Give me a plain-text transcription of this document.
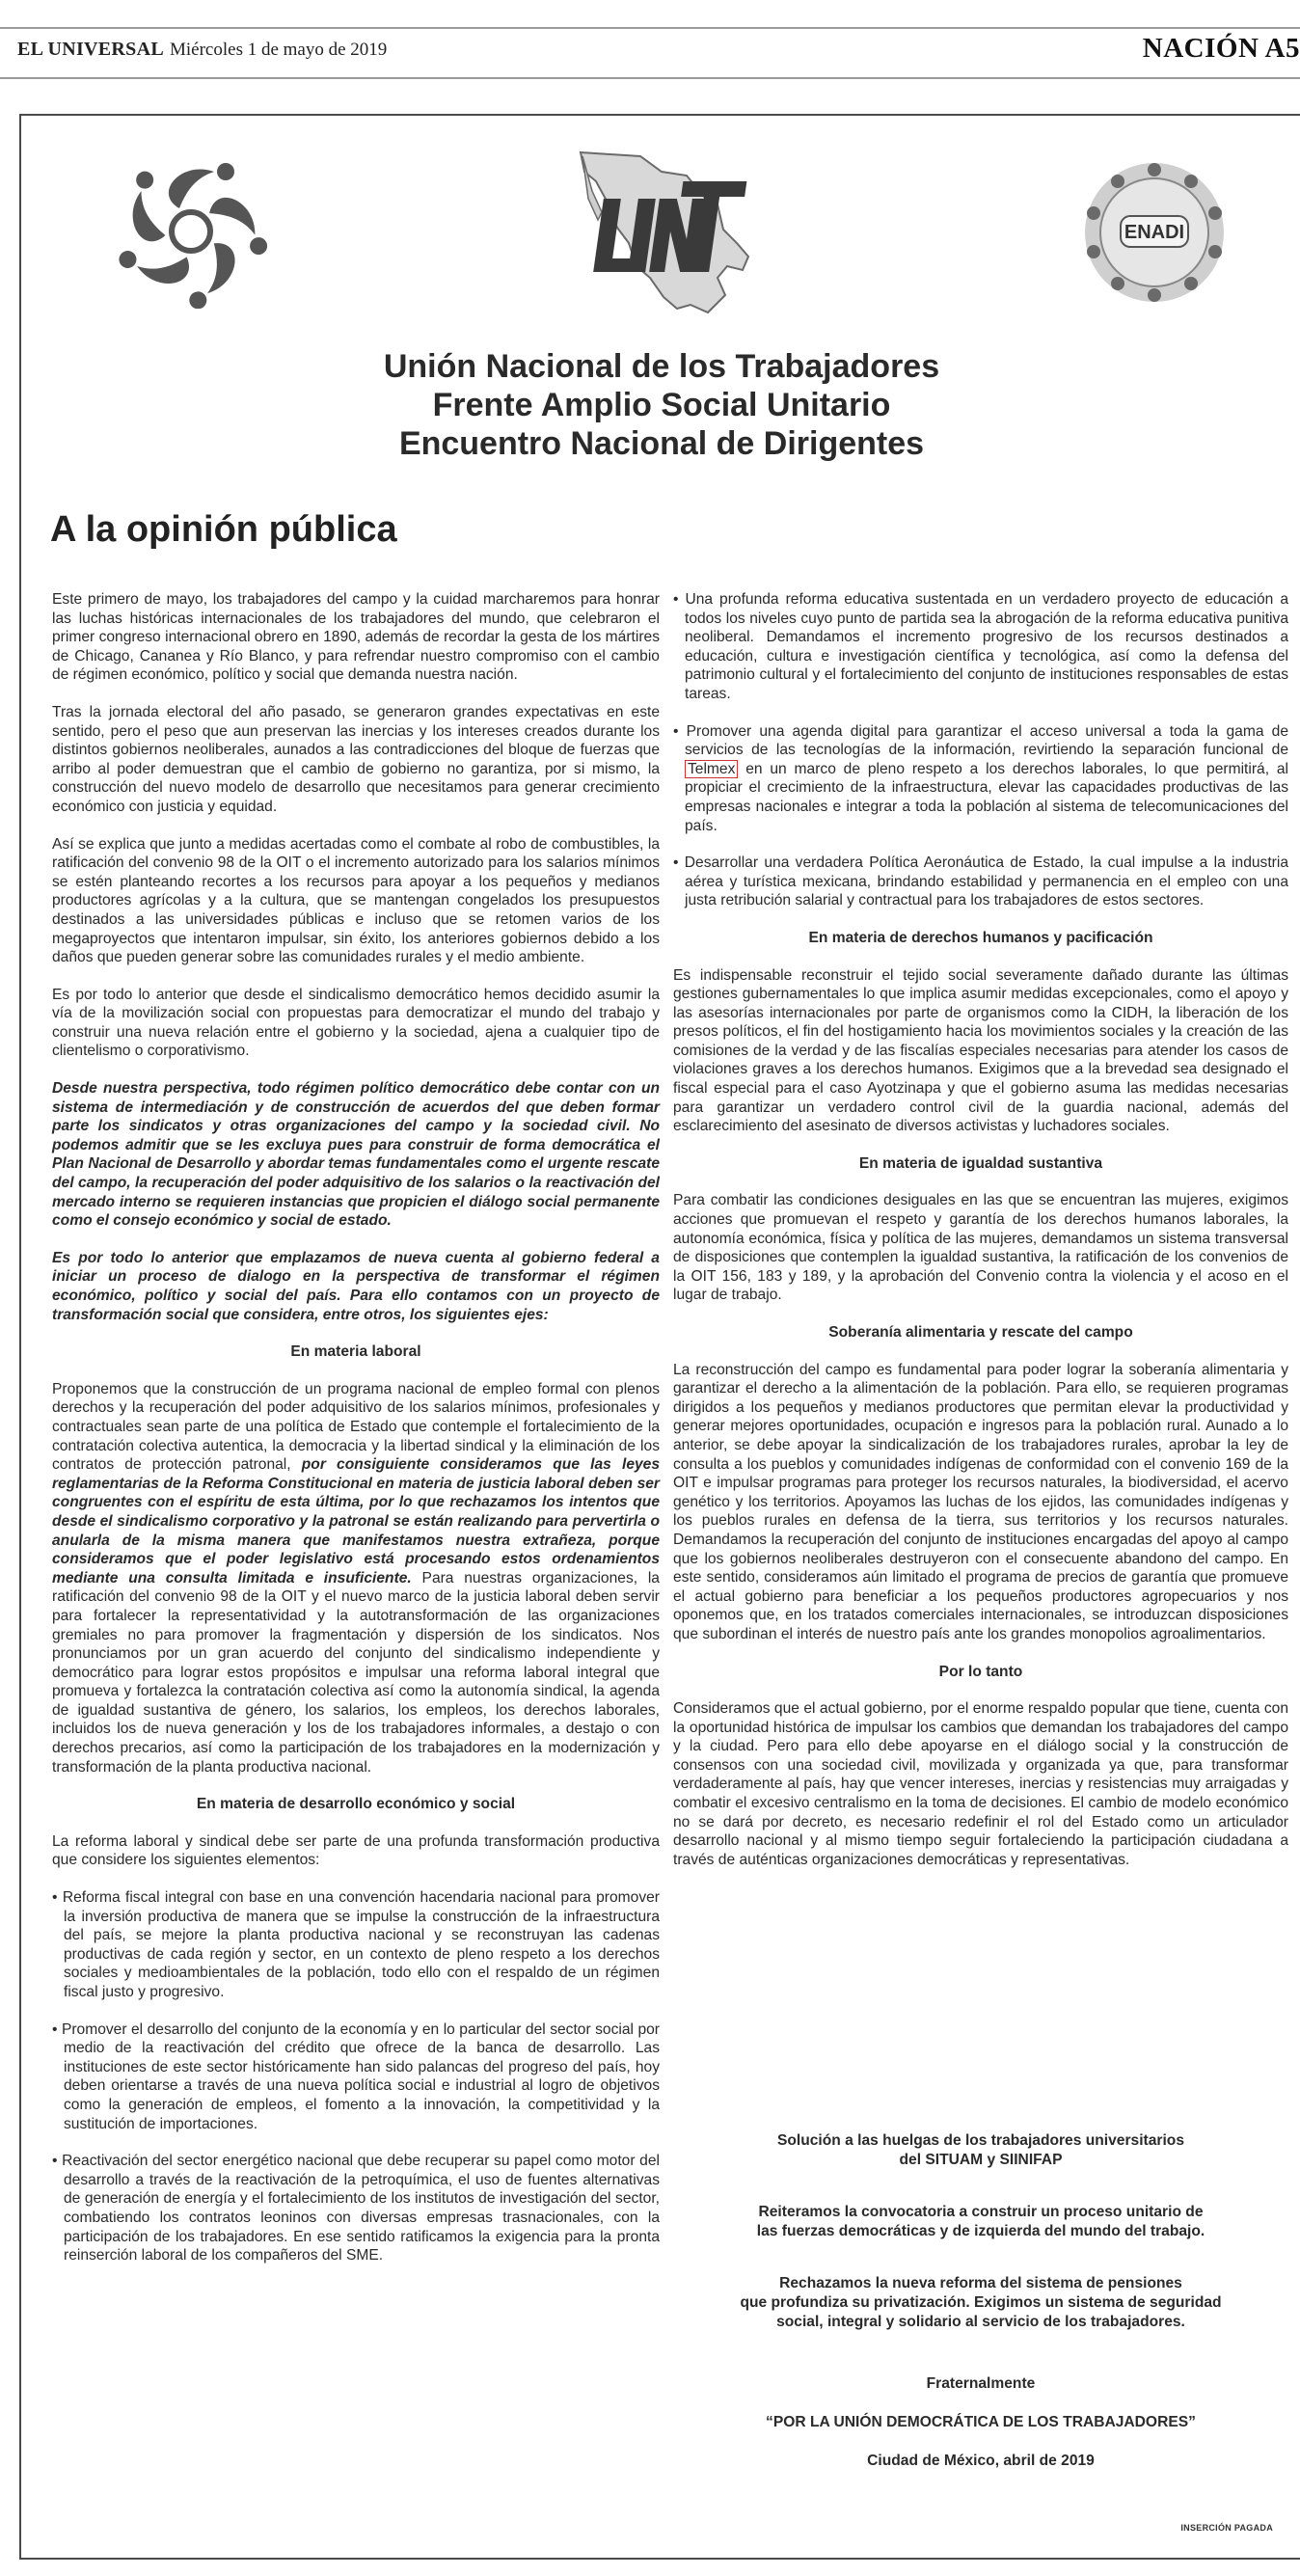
EL UNIVERSAL Miércoles 1 de mayo de 2019	NACIÓN A5
ENADI
Unión Nacional de los Trabajadores
Frente Amplio Social Unitario
Encuentro Nacional de Dirigentes
A la opinión pública

Este primero de mayo, los trabajadores del campo y la cuidad marcharemos para honrar las luchas históricas internacionales de los trabajadores del mundo, que celebraron el primer congreso internacional obrero en 1890, además de recordar la gesta de los mártires de Chicago, Cananea y Río Blanco, y para refrendar nuestro compromiso con el cambio de régimen económico, político y social que demanda nuestra nación.

Tras la jornada electoral del año pasado, se generaron grandes expectativas en este sentido, pero el peso que aun preservan las inercias y los intereses creados durante los distintos gobiernos neoliberales, aunados a las contradicciones del bloque de fuerzas que arribo al poder demuestran que el cambio de gobierno no garantiza, por si mismo, la construcción del nuevo modelo de desarrollo que necesitamos para generar crecimiento económico con justicia y equidad.

Así se explica que junto a medidas acertadas como el combate al robo de combustibles, la ratificación del convenio 98 de la OIT o el incremento autorizado para los salarios mínimos se estén planteando recortes a los recursos para apoyar a los pequeños y medianos productores agrícolas y a la cultura, que se mantengan congelados los presupuestos destinados a las universidades públicas e incluso que se retomen varios de los megaproyectos que intentaron impulsar, sin éxito, los anteriores gobiernos debido a los daños que pueden generar sobre las comunidades rurales y el medio ambiente.

Es por todo lo anterior que desde el sindicalismo democrático hemos decidido asumir la vía de la movilización social con propuestas para democratizar el mundo del trabajo y construir una nueva relación entre el gobierno y la sociedad, ajena a cualquier tipo de clientelismo o corporativismo.

Desde nuestra perspectiva, todo régimen político democrático debe contar con un sistema de intermediación y de construcción de acuerdos del que deben formar parte los sindicatos y otras organizaciones del campo y la sociedad civil. No podemos admitir que se les excluya pues para construir de forma democrática el Plan Nacional de Desarrollo y abordar temas fundamentales como el urgente rescate del campo, la recuperación del poder adquisitivo de los salarios o la reactivación del mercado interno se requieren instancias que propicien el diálogo social permanente como el consejo económico y social de estado.

Es por todo lo anterior que emplazamos de nueva cuenta al gobierno federal a iniciar un proceso de dialogo en la perspectiva de transformar el régimen económico, político y social del país. Para ello contamos con un proyecto de transformación social que considera, entre otros, los siguientes ejes:

En materia laboral

Proponemos que la construcción de un programa nacional de empleo formal con plenos derechos y la recuperación del poder adquisitivo de los salarios mínimos, profesionales y contractuales sean parte de una política de Estado que contemple el fortalecimiento de la contratación colectiva autentica, la democracia y la libertad sindical y la eliminación de los contratos de protección patronal, por consiguiente consideramos que las leyes reglamentarias de la Reforma Constitucional en materia de justicia laboral deben ser congruentes con el espíritu de esta última, por lo que rechazamos los intentos que desde el sindicalismo corporativo y la patronal se están realizando para pervertirla o anularla de la misma manera que manifestamos nuestra extrañeza, porque consideramos que el poder legislativo está procesando estos ordenamientos mediante una consulta limitada e insuficiente. Para nuestras organizaciones, la ratificación del convenio 98 de la OIT y el nuevo marco de la justicia laboral deben servir para fortalecer la representatividad y la autotransformación de las organizaciones gremiales no para promover la fragmentación y dispersión de los sindicatos. Nos pronunciamos por un gran acuerdo del conjunto del sindicalismo independiente y democrático para lograr estos propósitos e impulsar una reforma laboral integral que promueva y fortalezca la contratación colectiva así como la autonomía sindical, la agenda de igualdad sustantiva de género, los salarios, los empleos, los derechos laborales, incluidos los de nueva generación y los de los trabajadores informales, a destajo o con derechos precarios, así como la participación de los trabajadores en la modernización y transformación de la planta productiva nacional.

En materia de desarrollo económico y social

La reforma laboral y sindical debe ser parte de una profunda transformación productiva que considere los siguientes elementos:

• Reforma fiscal integral con base en una convención hacendaria nacional para promover la inversión productiva de manera que se impulse la construcción de la infraestructura del país, se mejore la planta productiva nacional y se reconstruyan las cadenas productivas de cada región y sector, en un contexto de pleno respeto a los derechos sociales y medioambientales de la población, todo ello con el respaldo de un régimen fiscal justo y progresivo.

• Promover el desarrollo del conjunto de la economía y en lo particular del sector social por medio de la reactivación del crédito que ofrece de la banca de desarrollo. Las instituciones de este sector históricamente han sido palancas del progreso del país, hoy deben orientarse a través de una nueva política social e industrial al logro de objetivos como la generación de empleos, el fomento a la innovación, la competitividad y la sustitución de importaciones.

• Reactivación del sector energético nacional que debe recuperar su papel como motor del desarrollo a través de la reactivación de la petroquímica, el uso de fuentes alternativas de generación de energía y el fortalecimiento de los institutos de investigación del sector, combatiendo los contratos leoninos con diversas empresas trasnacionales, con la participación de los trabajadores. En ese sentido ratificamos la exigencia para la pronta reinserción laboral de los compañeros del SME.

• Una profunda reforma educativa sustentada en un verdadero proyecto de educación a todos los niveles cuyo punto de partida sea la abrogación de la reforma educativa punitiva neoliberal. Demandamos el incremento progresivo de los recursos destinados a educación, cultura e investigación científica y tecnológica, así como la defensa del patrimonio cultural y el fortalecimiento del conjunto de instituciones responsables de estas tareas.

• Promover una agenda digital para garantizar el acceso universal a toda la gama de servicios de las tecnologías de la información, revirtiendo la separación funcional de Telmex en un marco de pleno respeto a los derechos laborales, lo que permitirá, al propiciar el crecimiento de la infraestructura, elevar las capacidades productivas de las empresas nacionales e integrar a toda la población al sistema de telecomunicaciones del país.

• Desarrollar una verdadera Política Aeronáutica de Estado, la cual impulse a la industria aérea y turística mexicana, brindando estabilidad y permanencia en el empleo con una justa retribución salarial y contractual para los trabajadores de estos sectores.

En materia de derechos humanos y pacificación

Es indispensable reconstruir el tejido social severamente dañado durante las últimas gestiones gubernamentales lo que implica asumir medidas excepcionales, como el apoyo y las asesorías internacionales por parte de organismos como la CIDH, la liberación de los presos políticos, el fin del hostigamiento hacia los movimientos sociales y la creación de las comisiones de la verdad y de las fiscalías especiales necesarias para atender los casos de violaciones graves a los derechos humanos. Exigimos que a la brevedad sea designado el fiscal especial para el caso Ayotzinapa y que el gobierno asuma las medidas necesarias para garantizar un verdadero control civil de la guardia nacional, además del esclarecimiento del asesinato de diversos activistas y luchadores sociales.

En materia de igualdad sustantiva

Para combatir las condiciones desiguales en las que se encuentran las mujeres, exigimos acciones que promuevan el respeto y garantía de los derechos humanos laborales, la autonomía económica, física y política de las mujeres, demandamos un sistema transversal de disposiciones que contemplen la igualdad sustantiva, la ratificación de los convenios de la OIT 156, 183 y 189, y la aprobación del Convenio contra la violencia y el acoso en el lugar de trabajo.

Soberanía alimentaria y rescate del campo

La reconstrucción del campo es fundamental para poder lograr la soberanía alimentaria y garantizar el derecho a la alimentación de la población. Para ello, se requieren programas dirigidos a los pequeños y medianos productores que permitan elevar la productividad y generar mejores oportunidades, ocupación e ingresos para la población rural. Aunado a lo anterior, se debe apoyar la sindicalización de los trabajadores rurales, aprobar la ley de consulta a los pueblos y comunidades indígenas de conformidad con el convenio 169 de la OIT e impulsar programas para proteger los recursos naturales, la biodiversidad, el acervo genético y los territorios. Apoyamos las luchas de los ejidos, las comunidades indígenas y los pueblos rurales en defensa de la tierra, sus territorios y los recursos naturales. Demandamos la recuperación del conjunto de instituciones encargadas del apoyo al campo que los gobiernos neoliberales destruyeron con el consecuente abandono del campo. En este sentido, consideramos aún limitado el programa de precios de garantía que promueve el actual gobierno para beneficiar a los pequeños productores agropecuarios y nos oponemos que, en los tratados comerciales internacionales, se introduzcan disposiciones que subordinan el interés de nuestro país ante los grandes monopolios agroalimentarios.

Por lo tanto

Consideramos que el actual gobierno, por el enorme respaldo popular que tiene, cuenta con la oportunidad histórica de impulsar los cambios que demandan los trabajadores del campo y la ciudad. Pero para ello debe apoyarse en el diálogo social y la construcción de consensos con una sociedad civil, movilizada y organizada ya que, para transformar verdaderamente al país, hay que vencer intereses, inercias y resistencias muy arraigadas y combatir el excesivo centralismo en la toma de decisiones. El cambio de modelo económico no se dará por decreto, es necesario redefinir el rol del Estado como un articulador desarrollo nacional y al mismo tiempo seguir fortaleciendo la participación ciudadana a través de auténticas organizaciones democráticas y representativas.

Solución a las huelgas de los trabajadores universitarios
del SITUAM y SIINIFAP

Reiteramos la convocatoria a construir un proceso unitario de
las fuerzas democráticas y de izquierda del mundo del trabajo.

Rechazamos la nueva reforma del sistema de pensiones
que profundiza su privatización. Exigimos un sistema de seguridad
social, integral y solidario al servicio de los trabajadores.

Fraternalmente

“POR LA UNIÓN DEMOCRÁTICA DE LOS TRABAJADORES”

Ciudad de México, abril de 2019

INSERCIÓN PAGADA
